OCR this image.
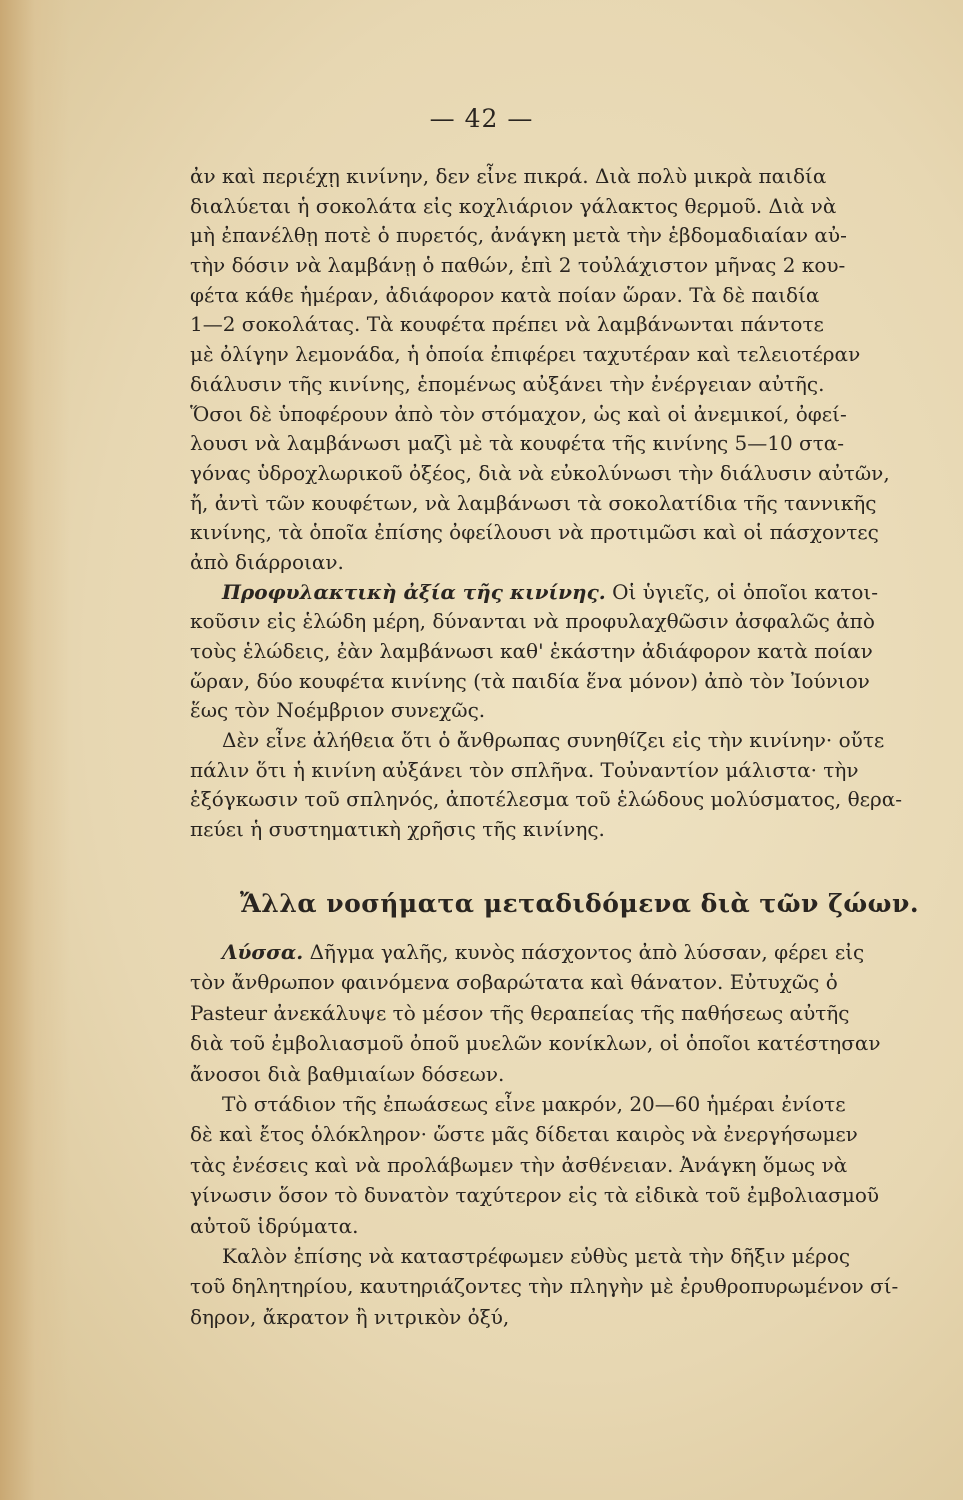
— 42 —
ἀν καὶ περιέχῃ κινίνην, δεν εἶνε πικρά. Διὰ πολὺ μικρὰ παιδία
διαλύεται ἡ σοκολάτα εἰς κοχλιάριον γάλακτος θερμοῦ. Διὰ νὰ
μὴ ἐπανέλθῃ ποτὲ ὁ πυρετός, ἀνάγκη μετὰ τὴν ἑβδομαδιαίαν αὐ-
τὴν δόσιν νὰ λαμβάνῃ ὁ παθών, ἐπὶ 2 τοὐλάχιστον μῆνας 2 κου-
φέτα κάθε ἡμέραν, ἀδιάφορον κατὰ ποίαν ὥραν. Τὰ δὲ παιδία
1—2 σοκολάτας. Τὰ κουφέτα πρέπει νὰ λαμβάνωνται πάντοτε
μὲ ὀλίγην λεμονάδα, ἡ ὁποία ἐπιφέρει ταχυτέραν καὶ τελειοτέραν
διάλυσιν τῆς κινίνης, ἑπομένως αὐξάνει τὴν ἐνέργειαν αὐτῆς.
Ὅσοι δὲ ὑποφέρουν ἀπὸ τὸν στόμαχον, ὡς καὶ οἱ ἀνεμικοί, ὀφεί-
λουσι νὰ λαμβάνωσι μαζὶ μὲ τὰ κουφέτα τῆς κινίνης 5—10 στα-
γόνας ὑδροχλωρικοῦ ὀξέος, διὰ νὰ εὐκολύνωσι τὴν διάλυσιν αὐτῶν,
ἤ, ἀντὶ τῶν κουφέτων, νὰ λαμβάνωσι τὰ σοκολατίδια τῆς ταννικῆς
κινίνης, τὰ ὁποῖα ἐπίσης ὀφείλουσι νὰ προτιμῶσι καὶ οἱ πάσχοντες
ἀπὸ διάρροιαν.
Προφυλακτικὴ ἀξία τῆς κινίνης. Οἱ ὑγιεῖς, οἱ ὁποῖοι κατοι-
κοῦσιν εἰς ἑλώδη μέρη, δύνανται νὰ προφυλαχθῶσιν ἀσφαλῶς ἀπὸ
τοὺς ἑλώδεις, ἐὰν λαμβάνωσι καθ' ἑκάστην ἀδιάφορον κατὰ ποίαν
ὥραν, δύο κουφέτα κινίνης (τὰ παιδία ἕνα μόνον) ἀπὸ τὸν Ἰούνιον
ἕως τὸν Νοέμβριον συνεχῶς.
Δὲν εἶνε ἀλήθεια ὅτι ὁ ἄνθρωπας συνηθίζει εἰς τὴν κινίνην· οὔτε
πάλιν ὅτι ἡ κινίνη αὐξάνει τὸν σπλῆνα. Τοὐναντίον μάλιστα· τὴν
ἐξόγκωσιν τοῦ σπληνός, ἀποτέλεσμα τοῦ ἑλώδους μολύσματος, θερα-
πεύει ἡ συστηματικὴ χρῆσις τῆς κινίνης.
Ἄλλα νοσήματα μεταδιδόμενα διὰ τῶν ζώων.
Λύσσα. Δῆγμα γαλῆς, κυνὸς πάσχοντος ἀπὸ λύσσαν, φέρει εἰς
τὸν ἄνθρωπον φαινόμενα σοβαρώτατα καὶ θάνατον. Εὐτυχῶς ὁ
Pasteur ἀνεκάλυψε τὸ μέσον τῆς θεραπείας τῆς παθήσεως αὐτῆς
διὰ τοῦ ἐμβολιασμοῦ ὀποῦ μυελῶν κονίκλων, οἱ ὁποῖοι κατέστησαν
ἄνοσοι διὰ βαθμιαίων δόσεων.
Τὸ στάδιον τῆς ἐπωάσεως εἶνε μακρόν, 20—60 ἡμέραι ἐνίοτε
δὲ καὶ ἔτος ὁλόκληρον· ὥστε μᾶς δίδεται καιρὸς νὰ ἐνεργήσωμεν
τὰς ἐνέσεις καὶ νὰ προλάβωμεν τὴν ἀσθένειαν. Ἀνάγκη ὅμως νὰ
γίνωσιν ὅσον τὸ δυνατὸν ταχύτερον εἰς τὰ εἰδικὰ τοῦ ἐμβολιασμοῦ
αὐτοῦ ἱδρύματα.
Καλὸν ἐπίσης νὰ καταστρέφωμεν εὐθὺς μετὰ τὴν δῆξιν μέρος
τοῦ δηλητηρίου, καυτηριάζοντες τὴν πληγὴν μὲ ἐρυθροπυρωμένον σί-
δηρον, ἄκρατον ἢ νιτρικὸν ὀξύ,
